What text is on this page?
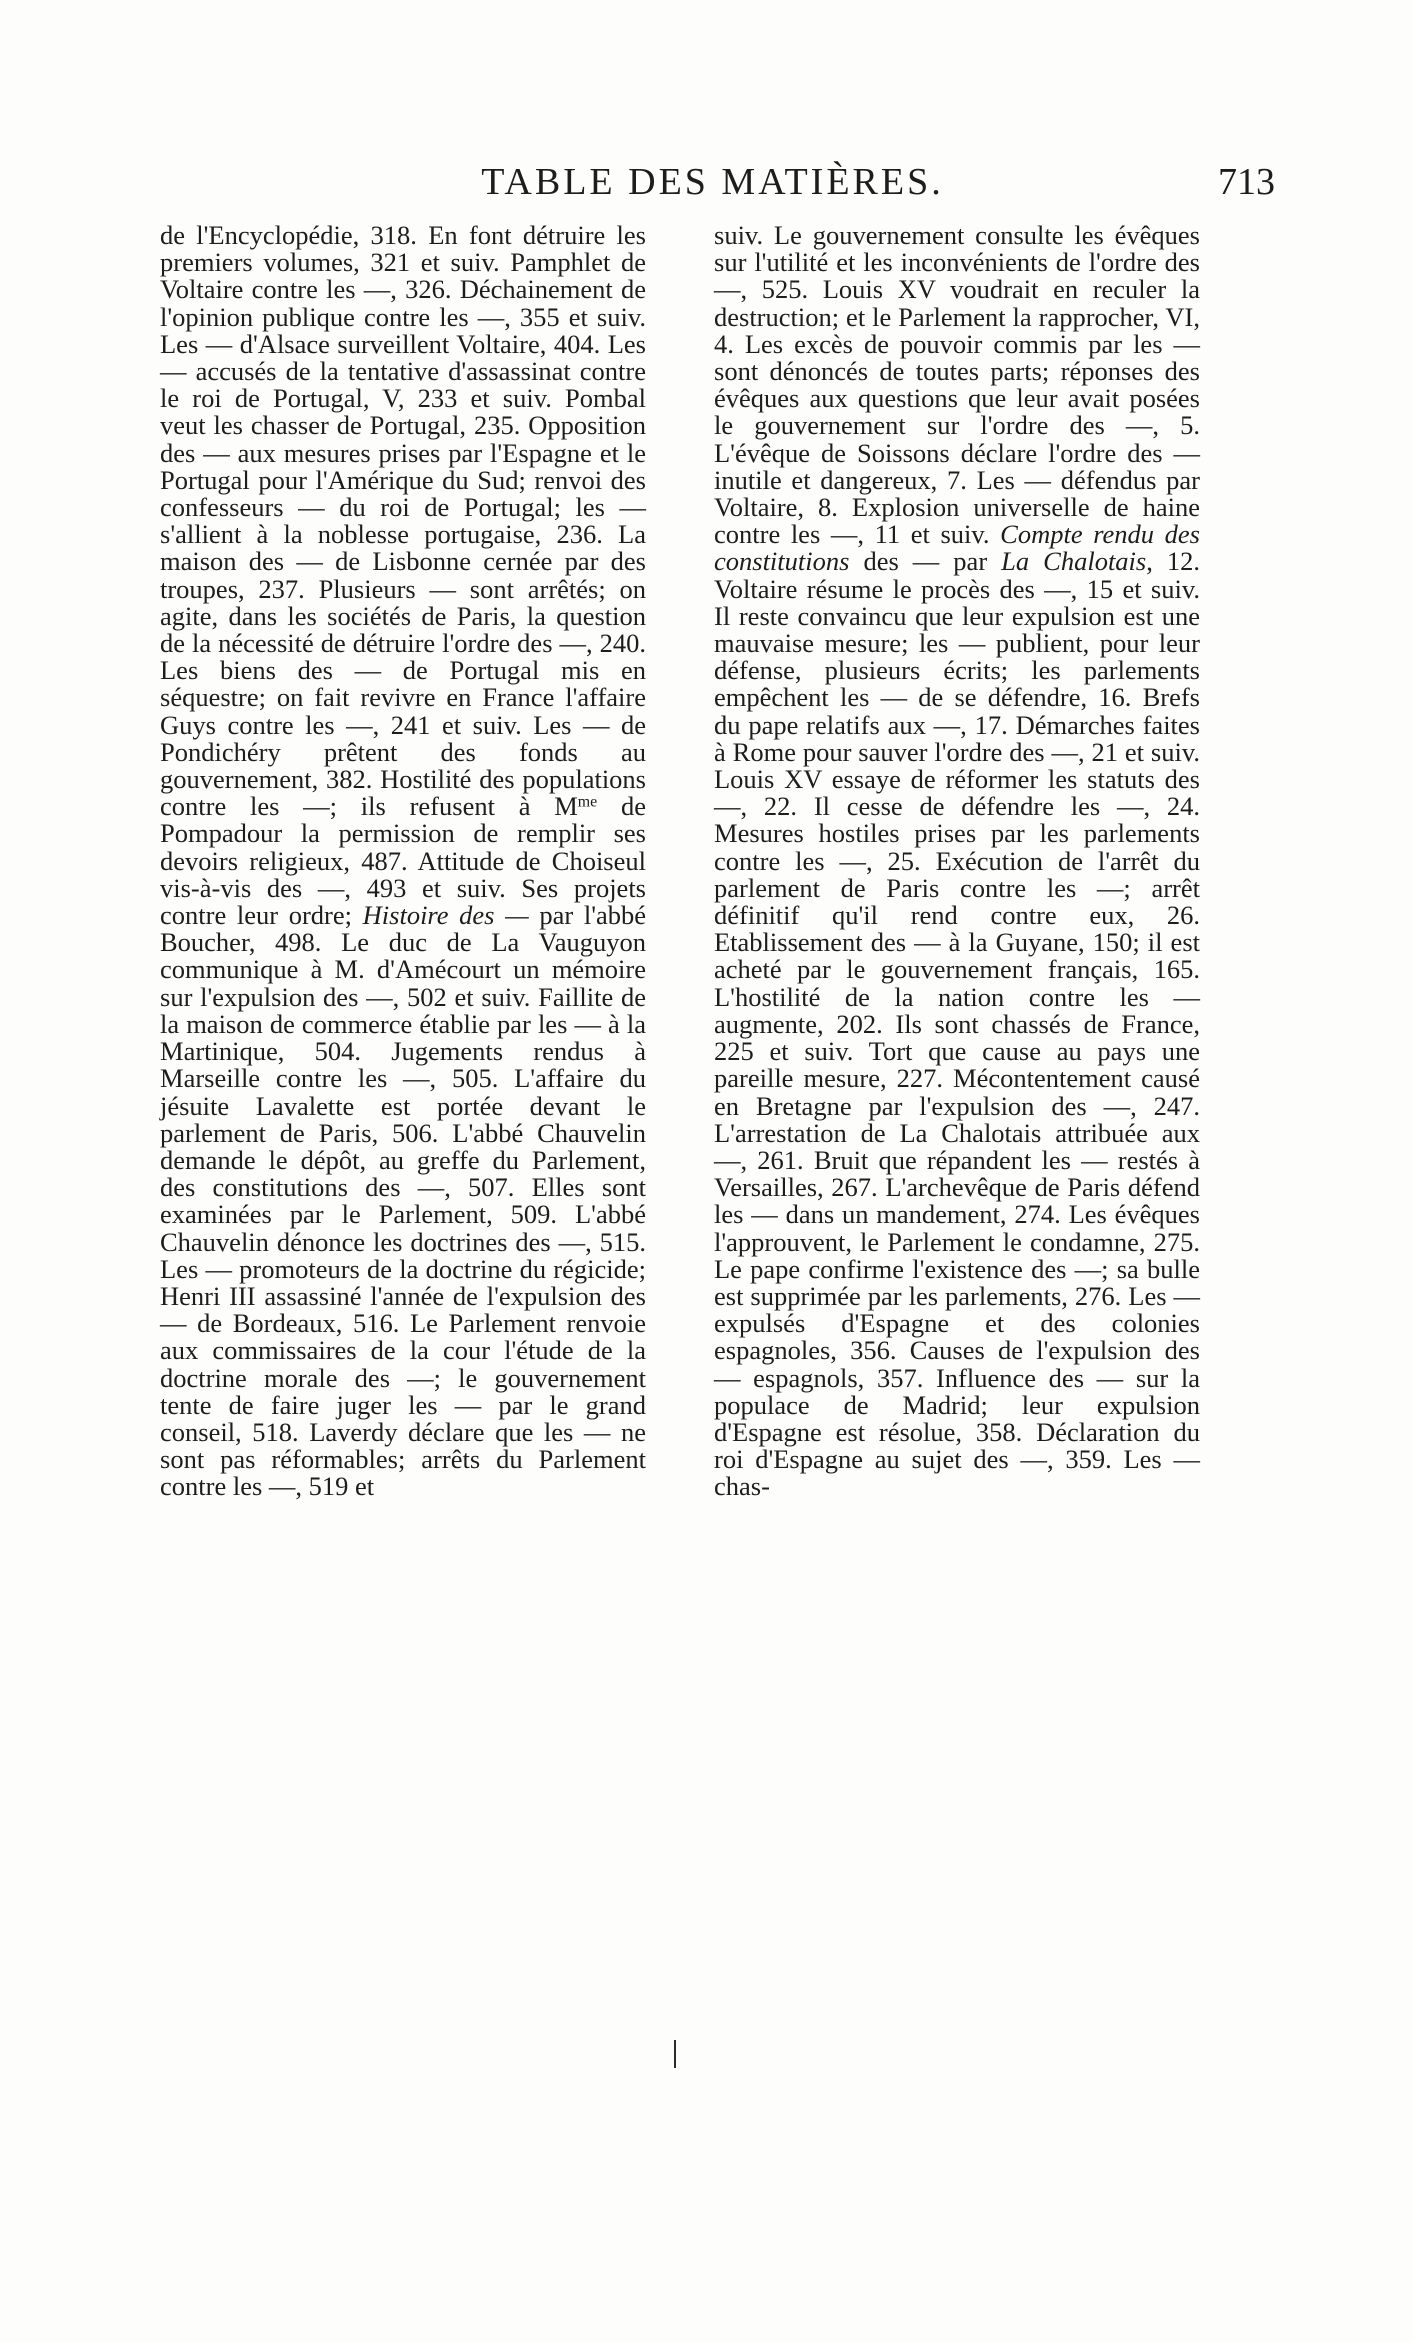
TABLE DES MATIÈRES.	713

de l'Encyclopédie, 318. En font détruire les premiers volumes, 321 et suiv. Pamphlet de Voltaire contre les —, 326. Déchainement de l'opinion publique contre les —, 355 et suiv. Les — d'Alsace surveillent Voltaire, 404. Les — accusés de la tentative d'assassinat contre le roi de Portugal, V, 233 et suiv. Pombal veut les chasser de Portugal, 235. Opposition des — aux mesures prises par l'Espagne et le Portugal pour l'Amérique du Sud; renvoi des confesseurs — du roi de Portugal; les — s'allient à la noblesse portugaise, 236. La maison des — de Lisbonne cernée par des troupes, 237. Plusieurs — sont arrêtés; on agite, dans les sociétés de Paris, la question de la nécessité de détruire l'ordre des —, 240. Les biens des — de Portugal mis en séquestre; on fait revivre en France l'affaire Guys contre les —, 241 et suiv. Les — de Pondichéry prêtent des fonds au gouvernement, 382. Hostilité des populations contre les —; ils refusent à $M^{me}$ de Pompadour la permission de remplir ses devoirs religieux, 487. Attitude de Choiseul vis-à-vis des —, 493 et suiv. Ses projets contre leur ordre; Histoire des — par l'abbé Boucher, 498. Le duc de La Vauguyon communique à M. d'Amécourt un mémoire sur l'expulsion des —, 502 et suiv. Faillite de la maison de commerce établie par les — à la Martinique, 504. Jugements rendus à Marseille contre les —, 505. L'affaire du jésuite Lavalette est portée devant le parlement de Paris, 506. L'abbé Chauvelin demande le dépôt, au greffe du Parlement, des constitutions des —, 507. Elles sont examinées par le Parlement, 509. L'abbé Chauvelin dénonce les doctrines des —, 515. Les — promoteurs de la doctrine du régicide; Henri III assassiné l'année de l'expulsion des — de Bordeaux, 516. Le Parlement renvoie aux commissaires de la cour l'étude de la doctrine morale des —; le gouvernement tente de faire juger les — par le grand conseil, 518. Laverdy déclare que les — ne sont pas réformables; arrêts du Parlement contre les —, 519 et

suiv. Le gouvernement consulte les évêques sur l'utilité et les inconvénients de l'ordre des —, 525. Louis XV voudrait en reculer la destruction; et le Parlement la rapprocher, VI, 4. Les excès de pouvoir commis par les — sont dénoncés de toutes parts; réponses des évêques aux questions que leur avait posées le gouvernement sur l'ordre des —, 5. L'évêque de Soissons déclare l'ordre des — inutile et dangereux, 7. Les — défendus par Voltaire, 8. Explosion universelle de haine contre les —, 11 et suiv. Compte rendu des constitutions des — par La Chalotais, 12. Voltaire résume le procès des —, 15 et suiv. Il reste convaincu que leur expulsion est une mauvaise mesure; les — publient, pour leur défense, plusieurs écrits; les parlements empêchent les — de se défendre, 16. Brefs du pape relatifs aux —, 17. Démarches faites à Rome pour sauver l'ordre des —, 21 et suiv. Louis XV essaye de réformer les statuts des —, 22. Il cesse de défendre les —, 24. Mesures hostiles prises par les parlements contre les —, 25. Exécution de l'arrêt du parlement de Paris contre les —; arrêt définitif qu'il rend contre eux, 26. Etablissement des — à la Guyane, 150; il est acheté par le gouvernement français, 165. L'hostilité de la nation contre les — augmente, 202. Ils sont chassés de France, 225 et suiv. Tort que cause au pays une pareille mesure, 227. Mécontentement causé en Bretagne par l'expulsion des —, 247. L'arrestation de La Chalotais attribuée aux —, 261. Bruit que répandent les — restés à Versailles, 267. L'archevêque de Paris défend les — dans un mandement, 274. Les évêques l'approuvent, le Parlement le condamne, 275. Le pape confirme l'existence des —; sa bulle est supprimée par les parlements, 276. Les — expulsés d'Espagne et des colonies espagnoles, 356. Causes de l'expulsion des — espagnols, 357. Influence des — sur la populace de Madrid; leur expulsion d'Espagne est résolue, 358. Déclaration du roi d'Espagne au sujet des —, 359. Les — chas-
